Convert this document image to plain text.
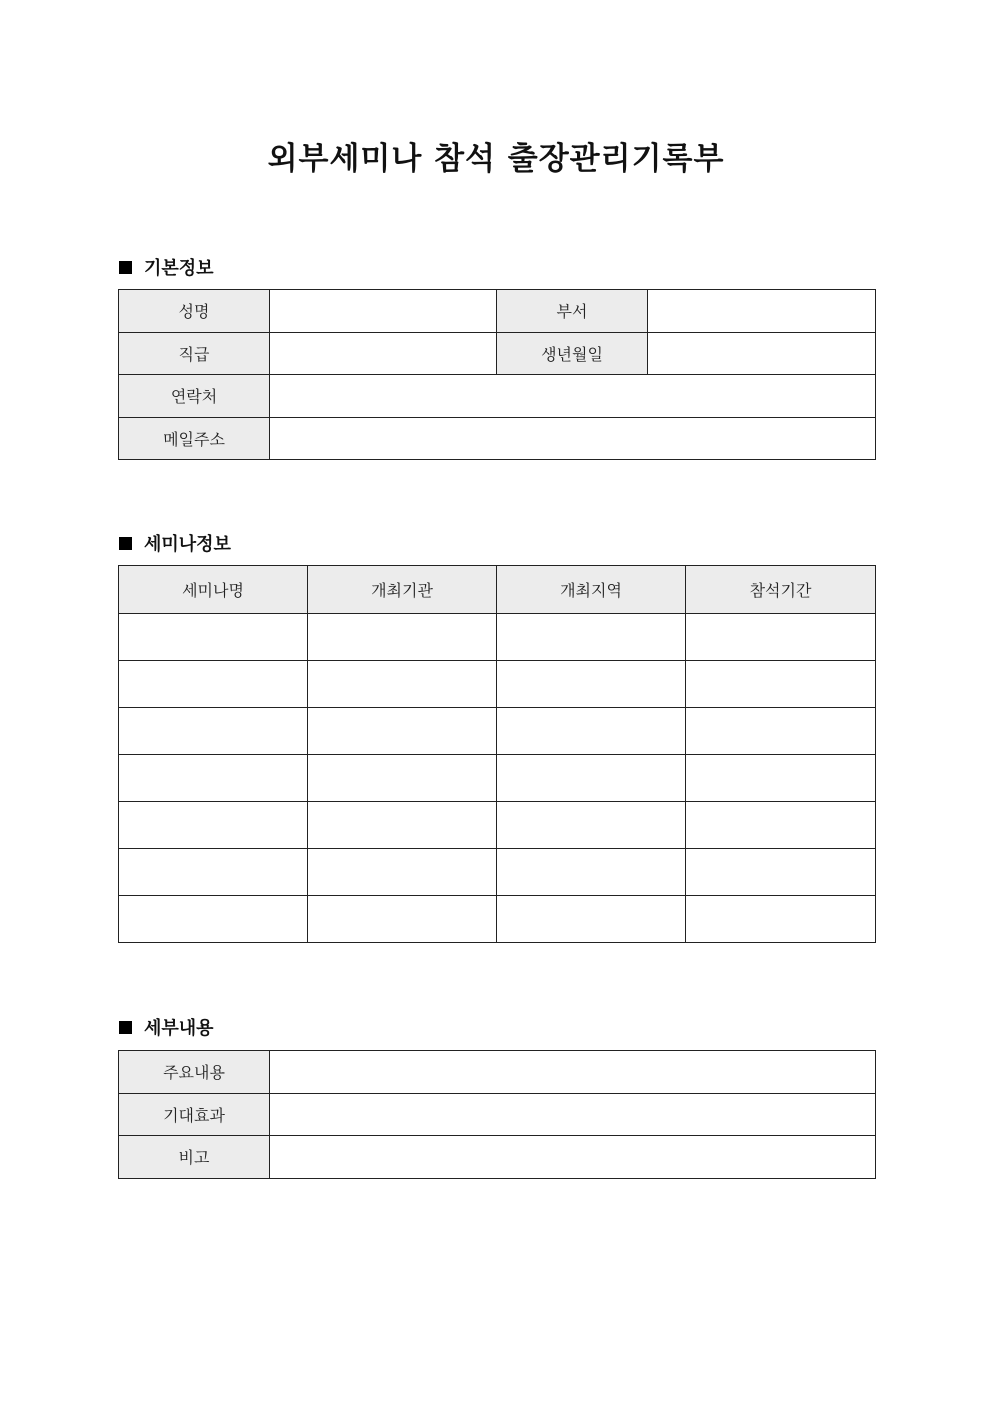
외부세미나 참석 출장관리기록부
기본정보
성명		부서	
직급		생년월일	
연락처			
메일주소			
세미나정보
세미나명	개최기관	개최지역	참석기간

세부내용
주요내용	
기대효과	
비고	
